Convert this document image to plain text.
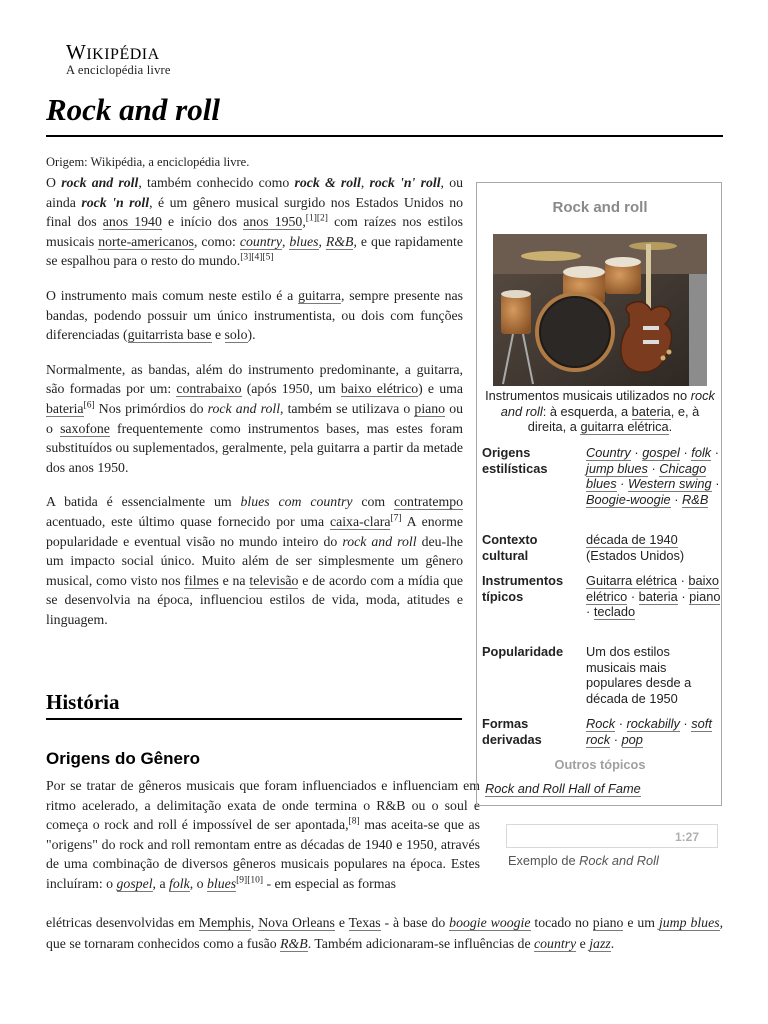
WIKIPÉDIA
A enciclopédia livre
Rock and roll
Origem: Wikipédia, a enciclopédia livre.

O rock and roll, também conhecido como rock & roll, rock 'n' roll, ou ainda rock 'n roll, é um gênero musical surgido nos Estados Unidos no final dos anos 1940 e início dos anos 1950,[1][2] com raízes nos estilos musicais norte-americanos, como: country, blues, R&B, e que rapidamente se espalhou para o resto do mundo.[3][4][5]

O instrumento mais comum neste estilo é a guitarra, sempre presente nas bandas, podendo possuir um único instrumentista, ou dois com funções diferenciadas (guitarrista base e solo).

Normalmente, as bandas, além do instrumento predominante, a guitarra, são formadas por um: contrabaixo (após 1950, um baixo elétrico) e uma bateria[6] Nos primórdios do rock and roll, também se utilizava o piano ou o saxofone frequentemente como instrumentos bases, mas estes foram substituídos ou suplementados, geralmente, pela guitarra a partir da metade dos anos 1950.

A batida é essencialmente um blues com country com contratempo acentuado, este último quase fornecido por uma caixa-clara[7] A enorme popularidade e eventual visão no mundo inteiro do rock and roll deu-lhe um impacto social único. Muito além de ser simplesmente um gênero musical, como visto nos filmes e na televisão e de acordo com a mídia que se desenvolvia na época, influenciou estilos de vida, moda, atitudes e linguagem.

História
Origens do Gênero

Por se tratar de gêneros musicais que foram influenciados e influenciam em ritmo acelerado, a delimitação exata de onde termina o R&B ou o soul e começa o rock and roll é impossível de ser apontada,[8] mas aceita-se que as "origens" do rock and roll remontam entre as décadas de 1940 e 1950, através de uma combinação de diversos gêneros musicais populares na época. Estes incluíram: o gospel, a folk, o blues[9][10] - em especial as formas

elétricas desenvolvidas em Memphis, Nova Orleans e Texas - à base do boogie woogie tocado no piano e um jump blues, que se tornaram conhecidos como a fusão R&B. Também adicionaram-se influências de country e jazz.

Rock and roll
Instrumentos musicais utilizados no rock and roll: à esquerda, a bateria, e, à direita, a guitarra elétrica.
Origens estilísticas
Country · gospel · folk · jump blues · Chicago blues · Western swing · Boogie-woogie · R&B
Contexto cultural
década de 1940
(Estados Unidos)
Instrumentos típicos
Guitarra elétrica · baixo elétrico · bateria · piano · teclado
Popularidade	Um dos estilos musicais mais populares desde a década de 1950
Formas derivadas
Rock · rockabilly · soft rock · pop
Outros tópicos
Rock and Roll Hall of Fame
1:27
Exemplo de Rock and Roll
